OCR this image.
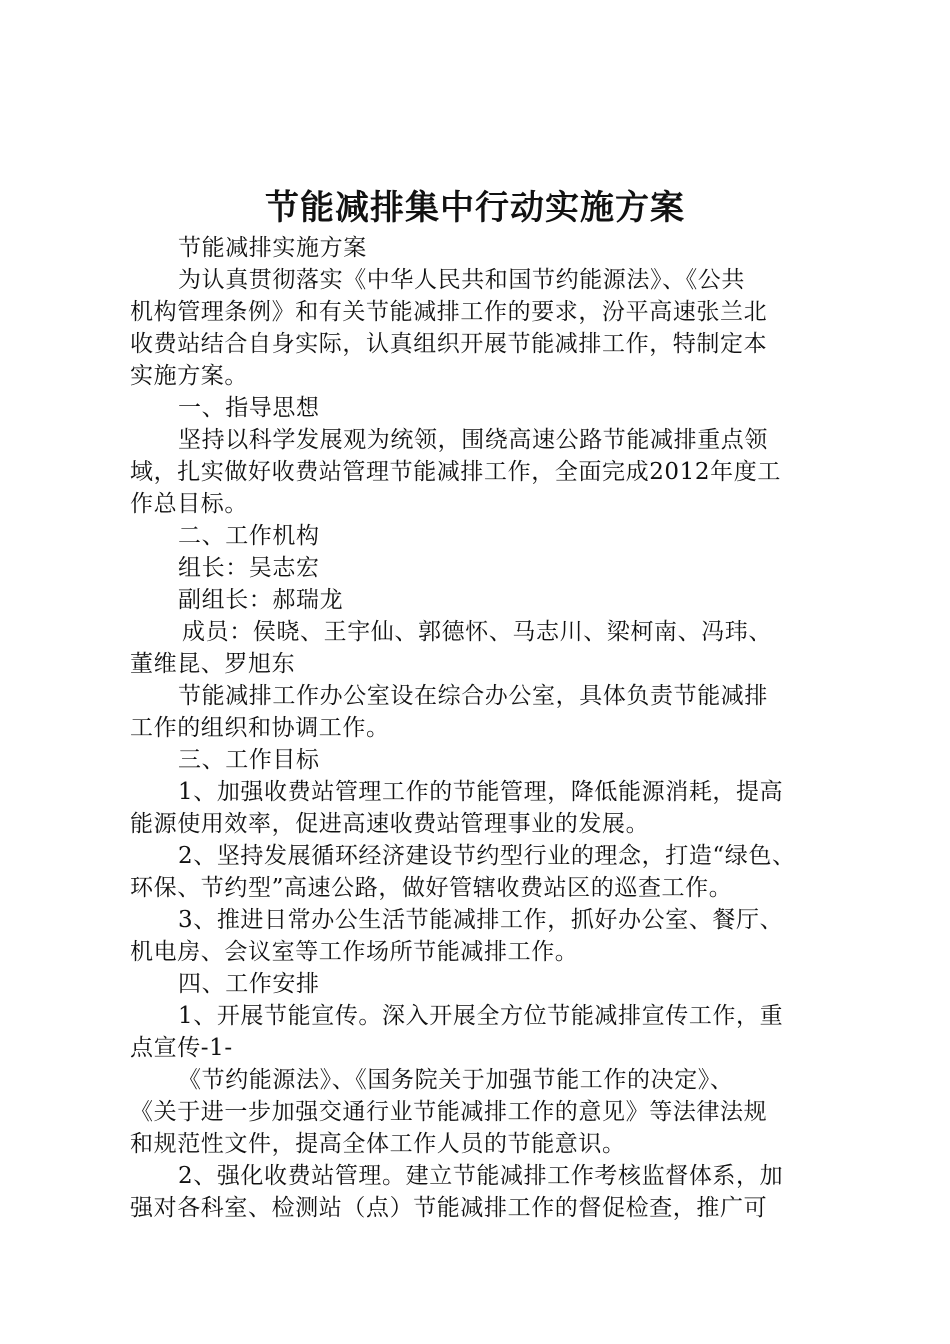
节能减排集中行动实施方案
节能减排实施方案
为认真贯彻落实《中华人民共和国节约能源法》、《公共
机构管理条例》和有关节能减排工作的要求，汾平高速张兰北
收费站结合自身实际，认真组织开展节能减排工作，特制定本
实施方案。
一、指导思想
坚持以科学发展观为统领，围绕高速公路节能减排重点领
域，扎实做好收费站管理节能减排工作，全面完成2012年度工
作总目标。
二、工作机构
组长：吴志宏
副组长：郝瑞龙
成员：侯晓、王宇仙、郭德怀、马志川、梁柯南、冯玮、
董维昆、罗旭东
节能减排工作办公室设在综合办公室，具体负责节能减排
工作的组织和协调工作。
三、工作目标
1、加强收费站管理工作的节能管理，降低能源消耗，提高
能源使用效率，促进高速收费站管理事业的发展。
2、坚持发展循环经济建设节约型行业的理念，打造“绿色、
环保、节约型”高速公路，做好管辖收费站区的巡查工作。
3、推进日常办公生活节能减排工作，抓好办公室、餐厅、
机电房、会议室等工作场所节能减排工作。
四、工作安排
1、开展节能宣传。深入开展全方位节能减排宣传工作，重
点宣传-1-
《节约能源法》、《国务院关于加强节能工作的决定》、
《关于进一步加强交通行业节能减排工作的意见》等法律法规
和规范性文件，提高全体工作人员的节能意识。
2、强化收费站管理。建立节能减排工作考核监督体系，加
强对各科室、检测站（点）节能减排工作的督促检查，推广可
